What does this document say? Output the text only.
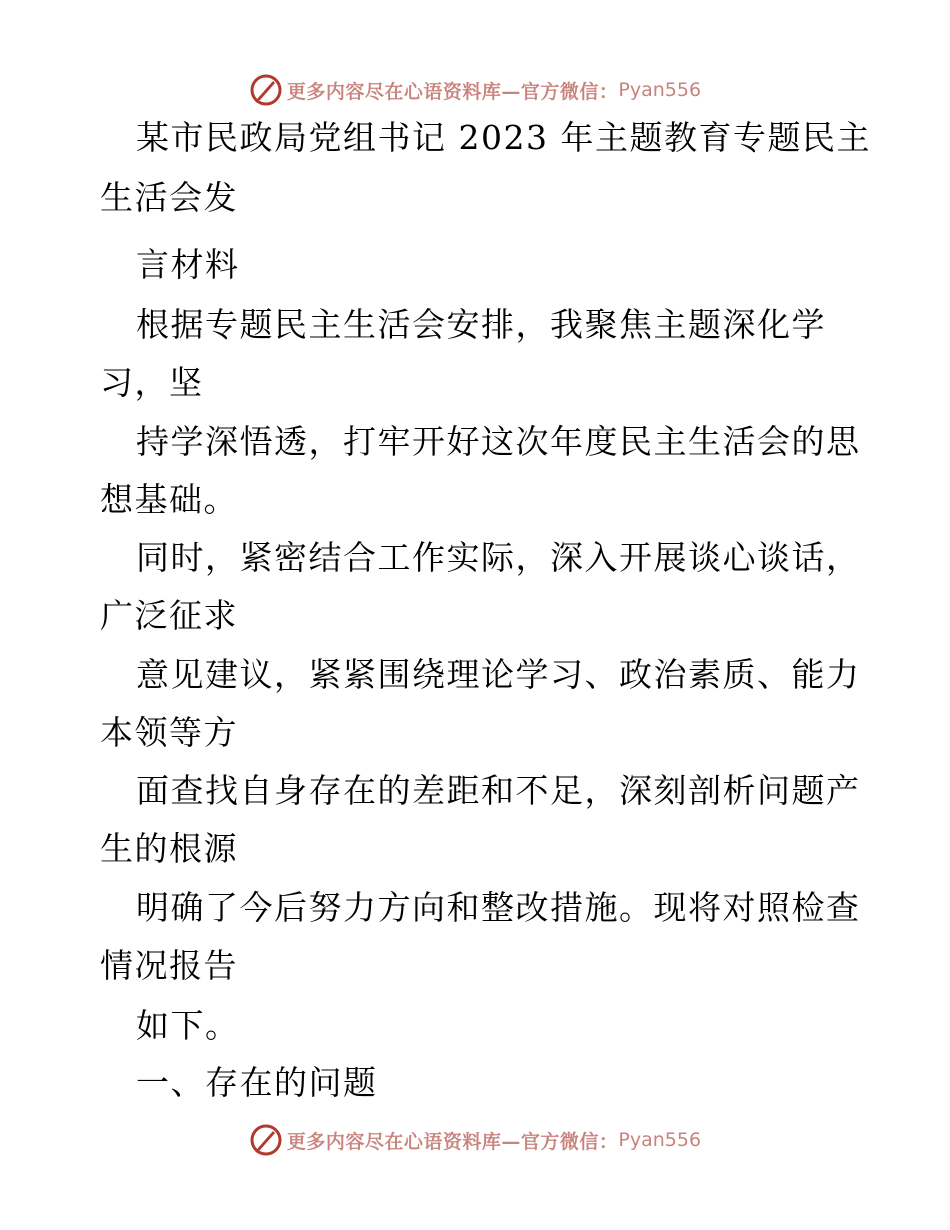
更多内容尽在心语资料库—官方微信： Pyan556
某市民政局党组书记 2023 年主题教育专题民主
生活会发
言材料
根据专题民主生活会安排，我聚焦主题深化学
习，坚
持学深悟透，打牢开好这次年度民主生活会的思
想基础。
同时，紧密结合工作实际，深入开展谈心谈话，
广泛征求
意见建议，紧紧围绕理论学习、政治素质、能力
本领等方
面查找自身存在的差距和不足，深刻剖析问题产
生的根源
明确了今后努力方向和整改措施。现将对照检查
情况报告
如下。
一、存在的问题
更多内容尽在心语资料库—官方微信： Pyan556
